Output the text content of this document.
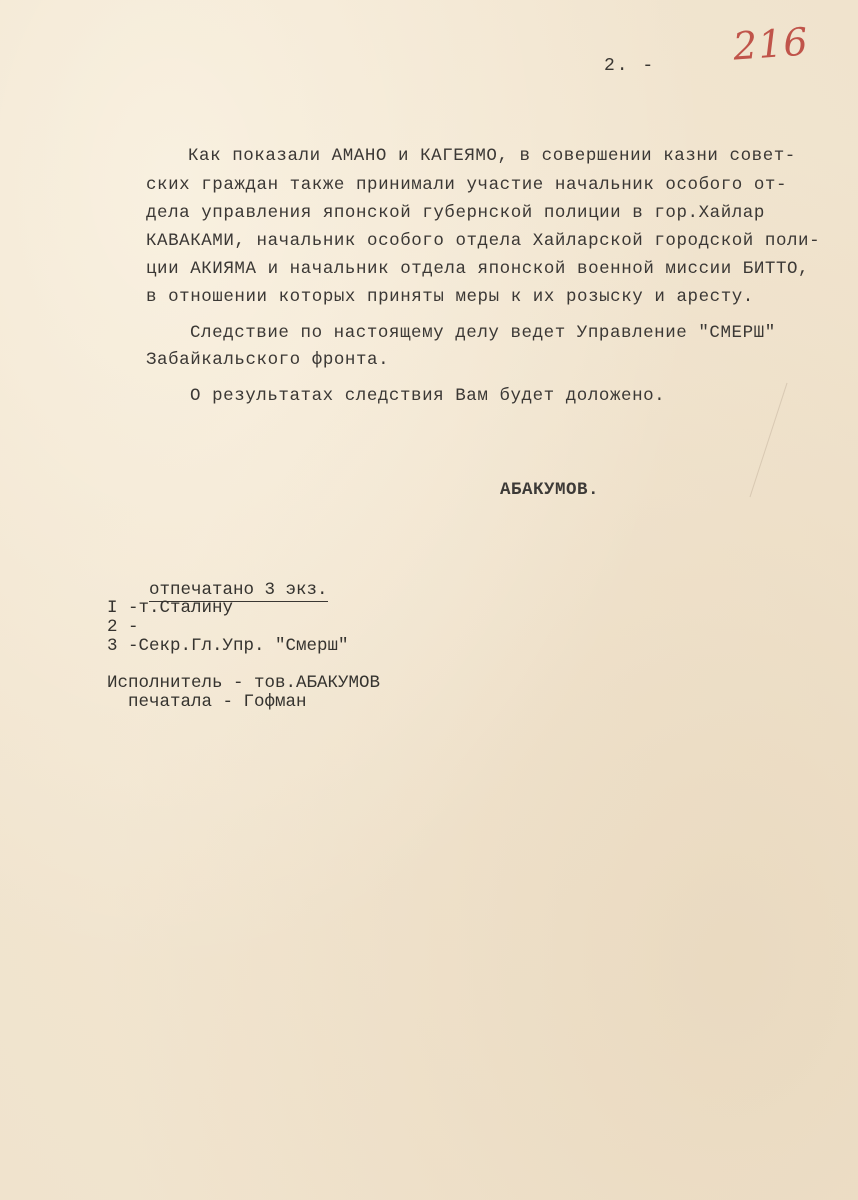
216
2. -
Как показали АМАНО и КАГЕЯМО, в совершении казни совет-
ских граждан также принимали участие начальник особого от-
дела управления японской губернской полиции в гор.Хайлар
КАВАКАМИ, начальник особого отдела Хайларской городской поли-
ции АКИЯМА и начальник отдела японской военной миссии БИТТО,
в отношении которых приняты меры к их розыску и аресту.
Следствие по настоящему делу ведет Управление "СМЕРШ"
Забайкальского фронта.
О результатах следствия Вам будет доложено.
АБАКУМОВ.

отпечатано 3 экз.

I -т.Сталину
2 -
3 -Секр.Гл.Упр. "Смерш"
Исполнитель - тов.АБАКУМОВ
печатала - Гофман
